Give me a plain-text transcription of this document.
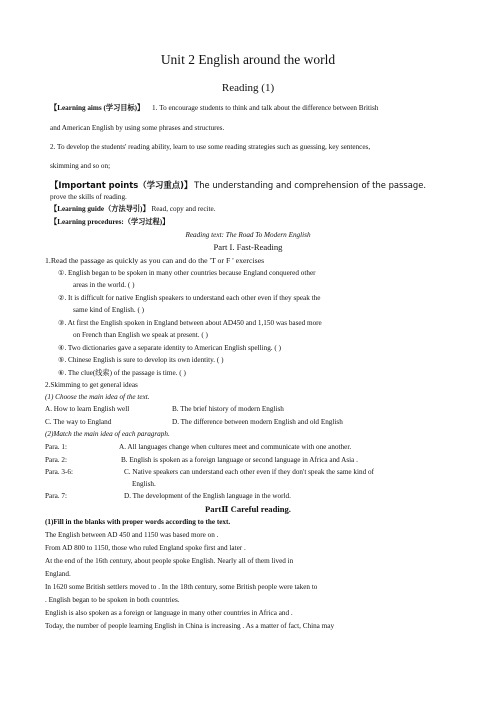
Unit 2 English around the world
Reading (1)
【Learning aims (学习目标)】 1. To encourage students to think and talk about the difference between British
and American English by using some phrases and structures.
2. To develop the students' reading ability, learn to use some reading strategies such as guessing, key sentences,
skimming and so on;
【Important points（学习重点)】 The understanding and comprehension of the passage.
prove the skills of reading.
【Learning guide（方法导引)】 Read, copy and recite.
【Learning procedures:（学习过程)】
Reading text: The Road To Modern English
Part I. Fast-Reading
1.Read the passage as quickly as you can and do the 'T or F ' exercises
①. English began to be spoken in many other countries because England conquered other
areas in the world. ( )
②. It is difficult for native English speakers to understand each other even if they speak the
same kind of English. ( )
③. At first the English spoken in England between about AD450 and 1,150 was based more
on French than English we speak at present. ( )
④. Two dictionaries gave a separate identity to American English spelling. ( )
⑤. Chinese English is sure to develop its own identity. ( )
⑥. The clue(线索) of the passage is time. ( )
2.Skimming to get general ideas
(1) Choose the main idea of the text.
A. How to learn English well	B. The brief history of modern English
C. The way to England	D. The difference between modern English and old English
(2)Match the main idea of each paragraph.
Para. 1:	A. All languages change when cultures meet and communicate with one another.
Para. 2:	B. English is spoken as a foreign language or second language in Africa and Asia .
Para. 3-6:	C. Native speakers can understand each other even if they don't speak the same kind of
English.
Para. 7:	D. The development of the English language in the world.
PartⅡ Careful reading.
(1)Fill in the blanks with proper words according to the text.
The English between AD 450 and 1150 was based more on .
From AD 800 to 1150, those who ruled England spoke first and later .
At the end of the 16th century, about people spoke English. Nearly all of them lived in
England.
In 1620 some British settlers moved to . In the 18th century, some British people were taken to
. English began to be spoken in both countries.
English is also spoken as a foreign or language in many other countries in Africa and .
Today, the number of people learning English in China is increasing . As a matter of fact, China may
